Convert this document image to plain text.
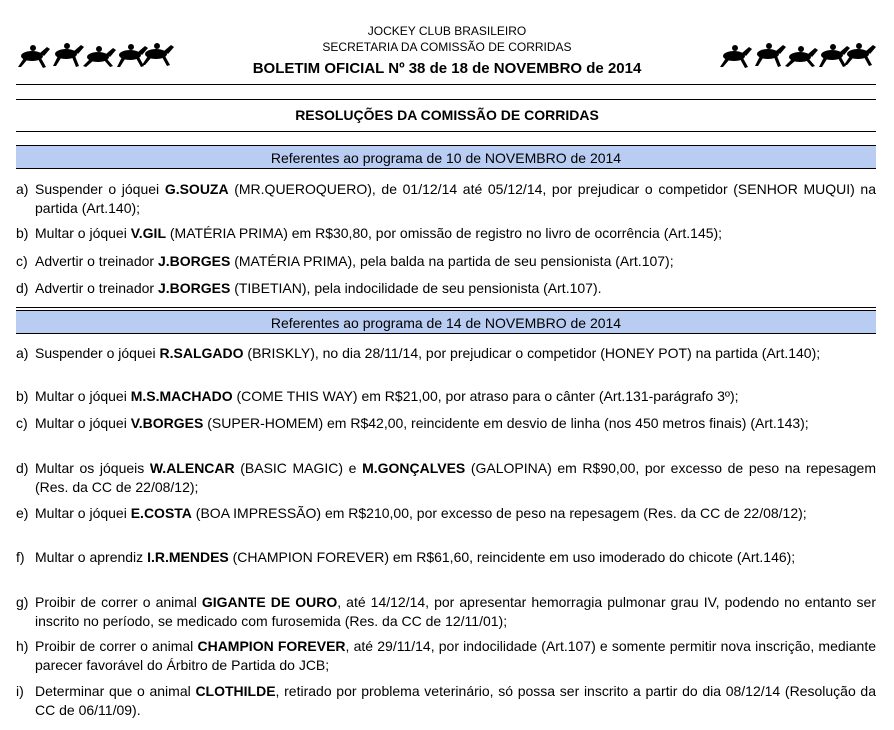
JOCKEY CLUB BRASILEIRO
SECRETARIA DA COMISSÃO DE CORRIDAS
BOLETIM OFICIAL Nº 38 de 18 de NOVEMBRO de 2014
RESOLUÇÕES DA COMISSÃO DE CORRIDAS
Referentes ao programa de 10 de NOVEMBRO de 2014
a) Suspender o jóquei G.SOUZA (MR.QUEROQUERO), de 01/12/14 até 05/12/14, por prejudicar o competidor (SENHOR MUQUI) na partida (Art.140);
b) Multar o jóquei V.GIL (MATÉRIA PRIMA) em R$30,80, por omissão de registro no livro de ocorrência (Art.145);
c) Advertir o treinador J.BORGES (MATÉRIA PRIMA), pela balda na partida de seu pensionista (Art.107);
d) Advertir o treinador J.BORGES (TIBETIAN), pela indocilidade de seu pensionista (Art.107).
Referentes ao programa de 14 de NOVEMBRO de 2014
a) Suspender o jóquei R.SALGADO (BRISKLY), no dia 28/11/14, por prejudicar o competidor (HONEY POT) na partida (Art.140);
b) Multar o jóquei M.S.MACHADO (COME THIS WAY) em R$21,00, por atraso para o cânter (Art.131-parágrafo 3º);
c) Multar o jóquei V.BORGES (SUPER-HOMEM) em R$42,00, reincidente em desvio de linha (nos 450 metros finais) (Art.143);
d) Multar os jóqueis W.ALENCAR (BASIC MAGIC) e M.GONÇALVES (GALOPINA) em R$90,00, por excesso de peso na repesagem (Res. da CC de 22/08/12);
e) Multar o jóquei E.COSTA (BOA IMPRESSÃO) em R$210,00, por excesso de peso na repesagem (Res. da CC de 22/08/12);
f) Multar o aprendiz I.R.MENDES (CHAMPION FOREVER) em R$61,60, reincidente em uso imoderado do chicote (Art.146);
g) Proibir de correr o animal GIGANTE DE OURO, até 14/12/14, por apresentar hemorragia pulmonar grau IV, podendo no entanto ser inscrito no período, se medicado com furosemida (Res. da CC de 12/11/01);
h) Proibir de correr o animal CHAMPION FOREVER, até 29/11/14, por indocilidade (Art.107) e somente permitir nova inscrição, mediante parecer favorável do Árbitro de Partida do JCB;
i) Determinar que o animal CLOTHILDE, retirado por problema veterinário, só possa ser inscrito a partir do dia 08/12/14 (Resolução da CC de 06/11/09).
